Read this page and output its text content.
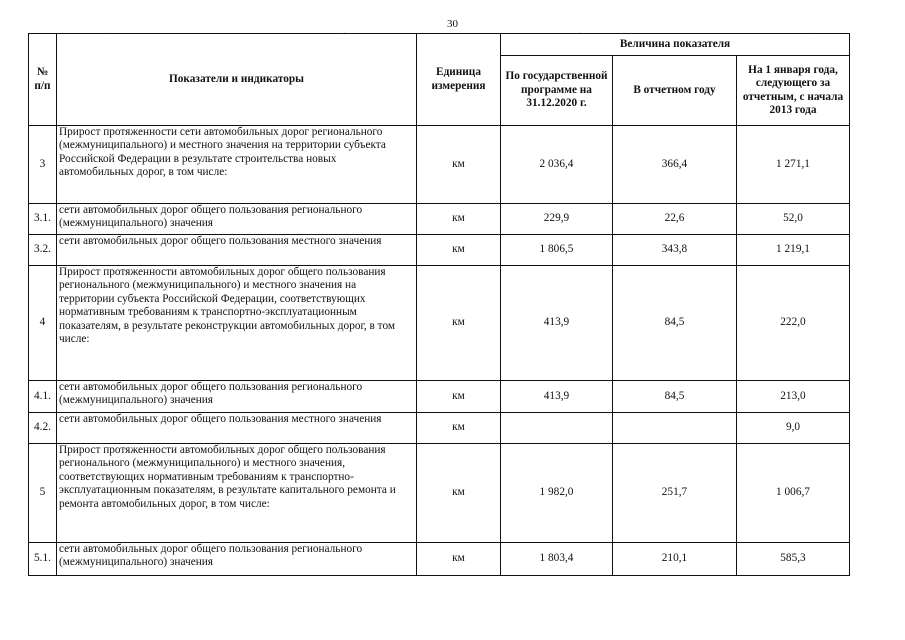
30
.	.	.	.
№
п/п	Показатели и индикаторы	Единица измерения	Величина показателя		
			По государственной программе на 31.12.2020 г.	В отчетном году	На 1 января года, следующего за отчетным, с начала 2013 года
3	Прирост протяженности сети автомобильных дорог регионального (межмуниципального) и местного значения на территории субъекта Российской Федерации в результате строительства новых автомобильных дорог, в том числе:	км	2 036,4	366,4	1 271,1
3.1.	сети автомобильных дорог общего пользования регионального (межмуниципального) значения	км	229,9	22,6	52,0
3.2.	сети автомобильных дорог общего пользования местного значения	км	1 806,5	343,8	1 219,1
4	Прирост протяженности автомобильных дорог общего пользования регионального (межмуниципального) и местного значения на территории субъекта Российской Федерации, соответствующих нормативным требованиям к транспортно-эксплуатационным показателям, в результате реконструкции автомобильных дорог, в том числе:	км	413,9	84,5	222,0
4.1.	сети автомобильных дорог общего пользования регионального (межмуниципального) значения	км	413,9	84,5	213,0
4.2.	сети автомобильных дорог общего пользования местного значения	км			9,0
5	Прирост протяженности автомобильных дорог общего пользования регионального (межмуниципального) и местного значения, соответствующих нормативным требованиям к транспортно-эксплуатационным показателям, в результате капитального ремонта и ремонта автомобильных дорог, в том числе:	км	1 982,0	251,7	1 006,7
5.1.	сети автомобильных дорог общего пользования регионального (межмуниципального) значения	км	1 803,4	210,1	585,3
